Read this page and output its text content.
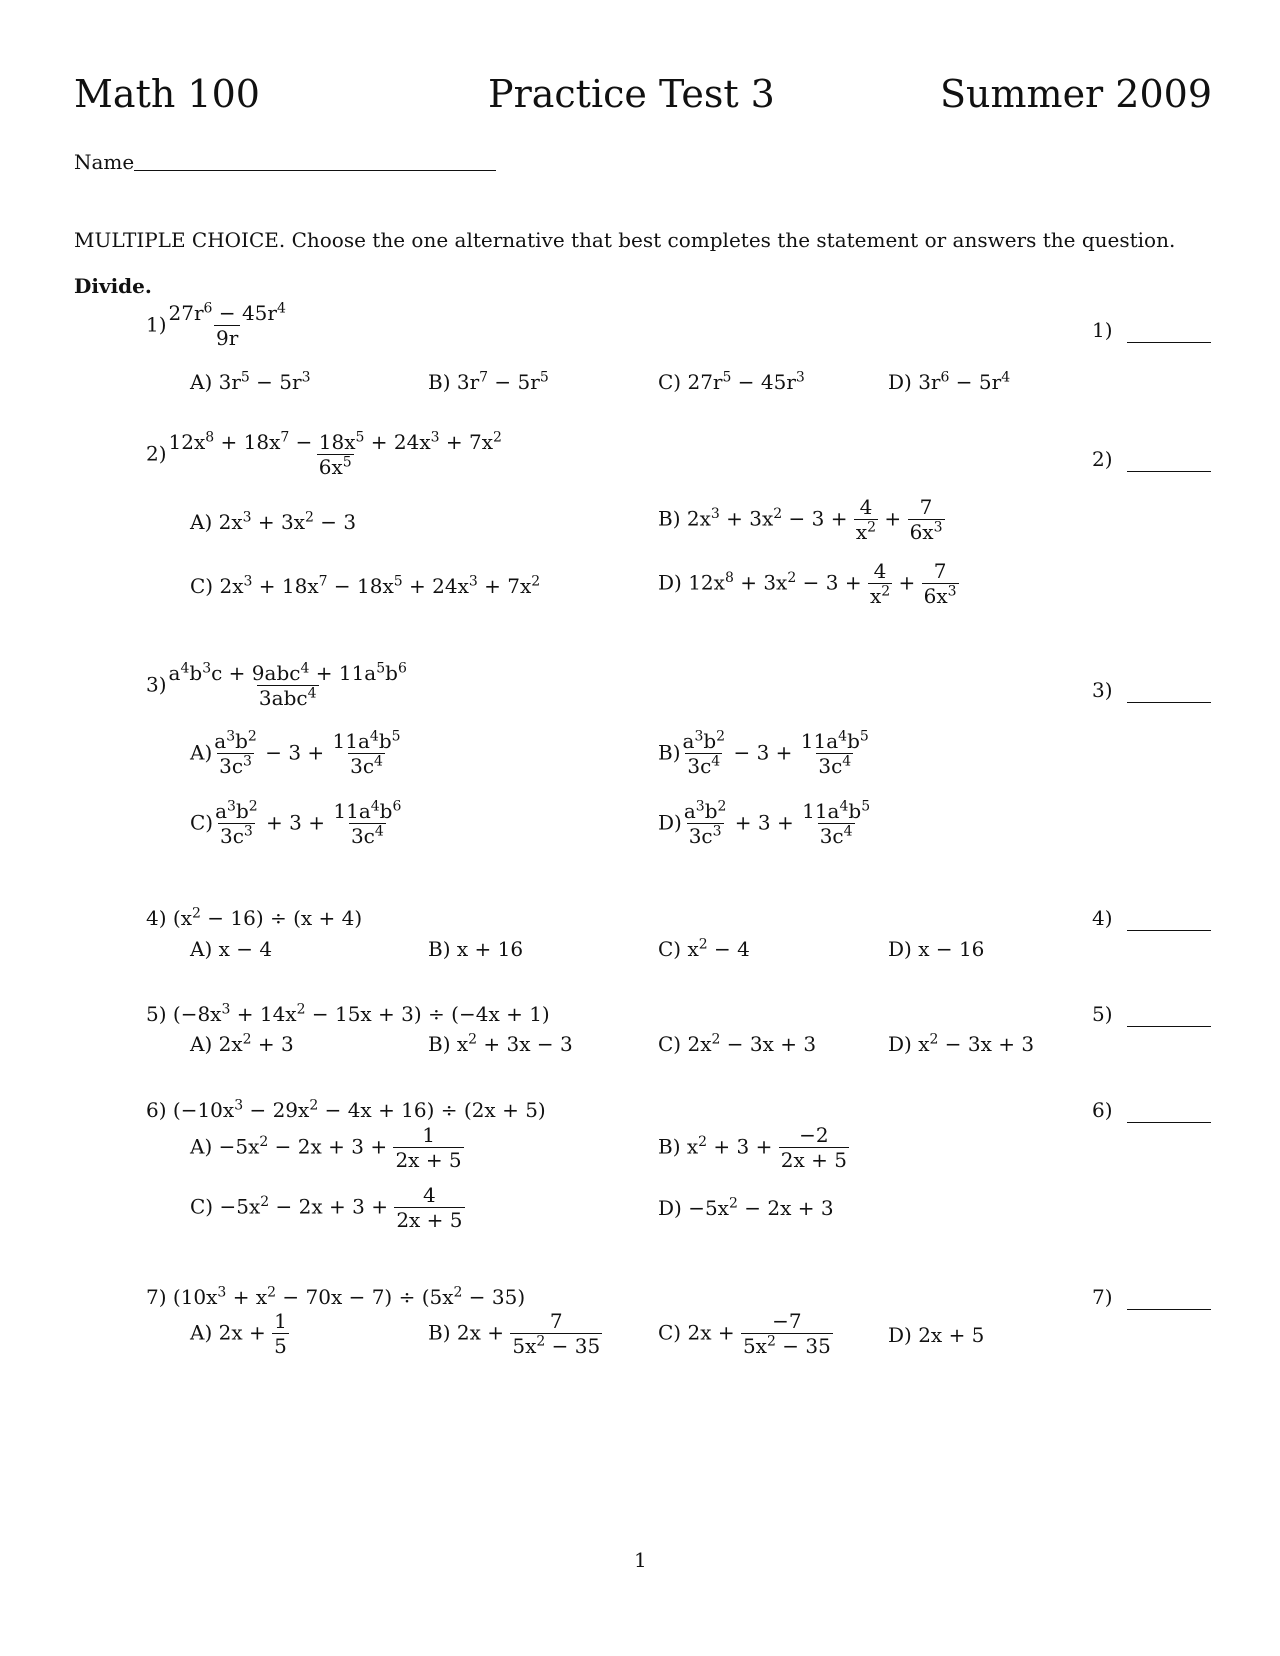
Math 100	Practice Test 3	Summer 2009
Name
MULTIPLE CHOICE. Choose the one alternative that best completes the statement or answers the question.
Divide.
1)
2)
3)
4)
5)
6)
7)
$1) \frac{27r^6 - 45r^4}{9r}$
A) $3r^5 - 5r^3$	B) $3r^7 - 5r^5$	C) $27r^5 - 45r^3$	D) $3r^6 - 5r^4$
$2) \frac{12x^8 + 18x^7 - 18x^5 + 24x^3 + 7x^2}{6x^5}$
A) $2x^3 + 3x^2 - 3$	B) $2x^3 + 3x^2 - 3 + \frac{4}{x^2} + \frac{7}{6x^3}$
C) $2x^3 + 18x^7 - 18x^5 + 24x^3 + 7x^2$	D) $12x^8 + 3x^2 - 3 + \frac{4}{x^2} + \frac{7}{6x^3}$
$3) \frac{a^4b^3c + 9abc^4 + 11a^5b^6}{3abc^4}$
$A) \frac{a^3b^2}{3c^3} - 3 + \frac{11a^4b^5}{3c^4}$	$B) \frac{a^3b^2}{3c^4} - 3 + \frac{11a^4b^5}{3c^4}$
$C) \frac{a^3b^2}{3c^3} + 3 + \frac{11a^4b^6}{3c^4}$	$D) \frac{a^3b^2}{3c^3} + 3 + \frac{11a^4b^5}{3c^4}$
4) $(x^2 - 16) \div (x + 4)$
A) x − 4	B) x + 16	C) $x^2 - 4$	D) x − 16
5) $(-8x^3 + 14x^2 - 15x + 3) \div (-4x + 1)$
A) $2x^2 + 3$	B) $x^2 + 3x - 3$	C) $2x^2 - 3x + 3$	D) $x^2 - 3x + 3$
6) $(-10x^3 - 29x^2 - 4x + 16) \div (2x + 5)$
$A) -5x^2 - 2x + 3 + \frac{1}{2x + 5}$	B) $x^2 + 3 + \frac{-2}{2x + 5}$
$C) -5x^2 - 2x + 3 + \frac{4}{2x + 5}$	$D) -5x^2 - 2x + 3$
7) $(10x^3 + x^2 - 70x - 7) \div (5x^2 - 35)$
A) $2x + \frac{1}{5}$	B) $2x + \frac{7}{5x^2 - 35}$	C) $2x + \frac{-7}{5x^2 - 35}$	D) 2x + 5
1
